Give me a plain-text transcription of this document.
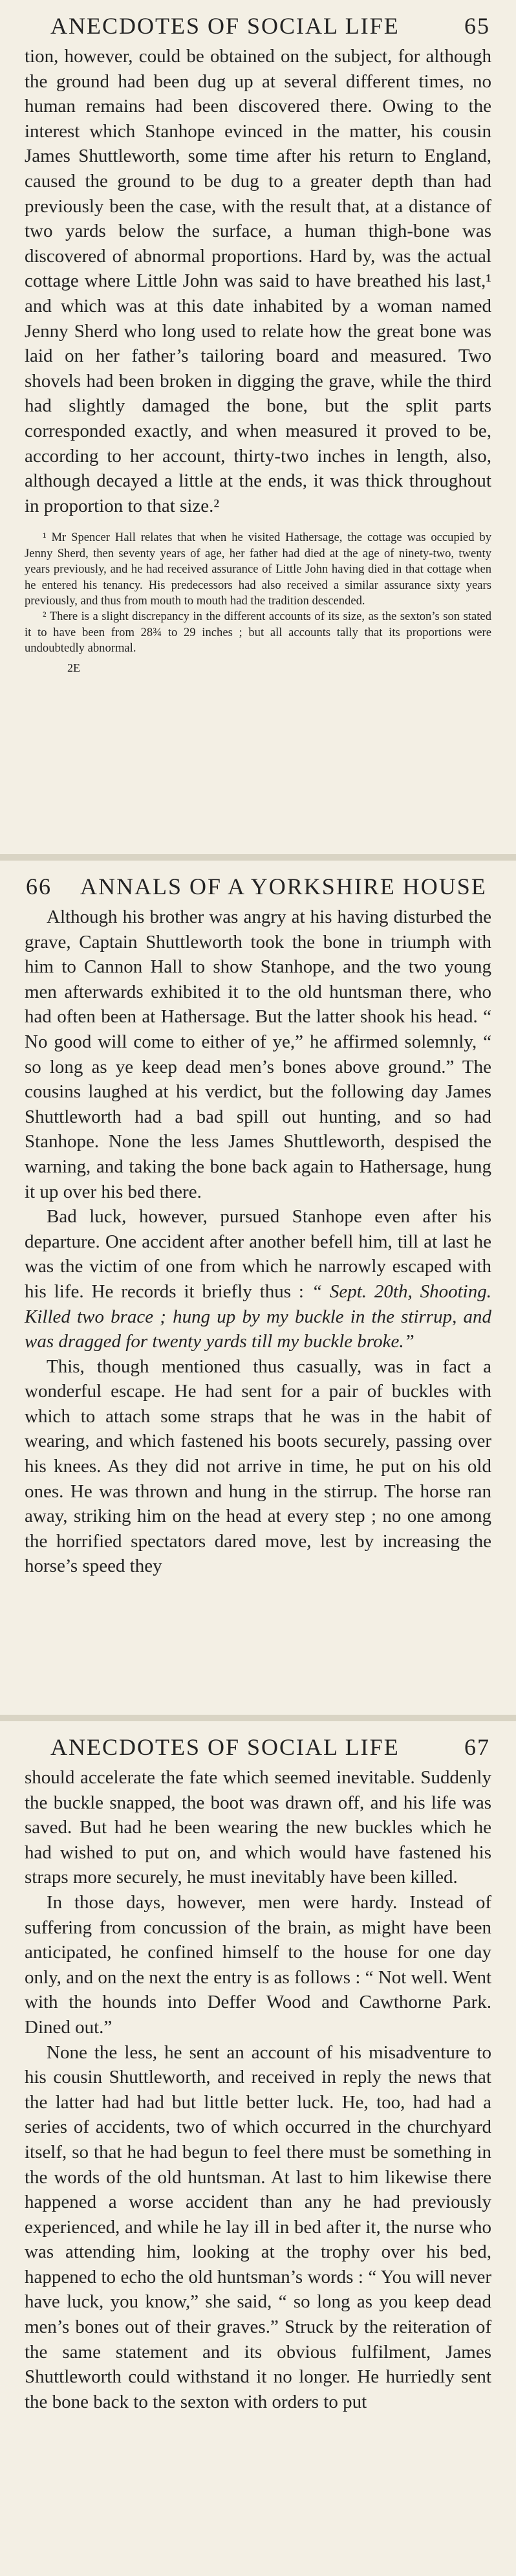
ANECDOTES OF SOCIAL LIFE	65

tion, however, could be obtained on the subject, for although the ground had been dug up at several different times, no human remains had been discovered there. Owing to the interest which Stanhope evinced in the matter, his cousin James Shuttleworth, some time after his return to England, caused the ground to be dug to a greater depth than had previously been the case, with the result that, at a distance of two yards below the surface, a human thigh-bone was discovered of abnormal proportions. Hard by, was the actual cottage where Little John was said to have breathed his last,¹ and which was at this date inhabited by a woman named Jenny Sherd who long used to relate how the great bone was laid on her father’s tailoring board and measured. Two shovels had been broken in digging the grave, while the third had slightly damaged the bone, but the split parts corresponded exactly, and when measured it proved to be, according to her account, thirty-two inches in length, also, although decayed a little at the ends, it was thick throughout in proportion to that size.²

¹ Mr Spencer Hall relates that when he visited Hathersage, the cottage was occupied by Jenny Sherd, then seventy years of age, her father had died at the age of ninety-two, twenty years previously, and he had received assurance of Little John having died in that cottage when he entered his tenancy. His predecessors had also received a similar assurance sixty years previously, and thus from mouth to mouth had the tradition descended.

² There is a slight discrepancy in the different accounts of its size, as the sexton’s son stated it to have been from 28¾ to 29 inches ; but all accounts tally that its proportions were undoubtedly abnormal.

2E
66 ANNALS OF A YORKSHIRE HOUSE

Although his brother was angry at his having disturbed the grave, Captain Shuttleworth took the bone in triumph with him to Cannon Hall to show Stanhope, and the two young men afterwards exhibited it to the old huntsman there, who had often been at Hathersage. But the latter shook his head. “ No good will come to either of ye,” he affirmed solemnly, “ so long as ye keep dead men’s bones above ground.” The cousins laughed at his verdict, but the following day James Shuttleworth had a bad spill out hunting, and so had Stanhope. None the less James Shuttleworth, despised the warning, and taking the bone back again to Hathersage, hung it up over his bed there.

Bad luck, however, pursued Stanhope even after his departure. One accident after another befell him, till at last he was the victim of one from which he narrowly escaped with his life. He records it briefly thus : “ Sept. 20th, Shooting. Killed two brace ; hung up by my buckle in the stirrup, and was dragged for twenty yards till my buckle broke.”

This, though mentioned thus casually, was in fact a wonderful escape. He had sent for a pair of buckles with which to attach some straps that he was in the habit of wearing, and which fastened his boots securely, passing over his knees. As they did not arrive in time, he put on his old ones. He was thrown and hung in the stirrup. The horse ran away, striking him on the head at every step ; no one among the horrified spectators dared move, lest by increasing the horse’s speed they

ANECDOTES OF SOCIAL LIFE	67

should accelerate the fate which seemed inevitable. Suddenly the buckle snapped, the boot was drawn off, and his life was saved. But had he been wearing the new buckles which he had wished to put on, and which would have fastened his straps more securely, he must inevitably have been killed.

In those days, however, men were hardy. Instead of suffering from concussion of the brain, as might have been anticipated, he confined himself to the house for one day only, and on the next the entry is as follows : “ Not well. Went with the hounds into Deffer Wood and Cawthorne Park. Dined out.”

None the less, he sent an account of his misadventure to his cousin Shuttleworth, and received in reply the news that the latter had had but little better luck. He, too, had had a series of accidents, two of which occurred in the churchyard itself, so that he had begun to feel there must be something in the words of the old huntsman. At last to him likewise there happened a worse accident than any he had previously experienced, and while he lay ill in bed after it, the nurse who was attending him, looking at the trophy over his bed, happened to echo the old huntsman’s words : “ You will never have luck, you know,” she said, “ so long as you keep dead men’s bones out of their graves.” Struck by the reiteration of the same statement and its obvious fulfilment, James Shuttleworth could withstand it no longer. He hurriedly sent the bone back to the sexton with orders to put
